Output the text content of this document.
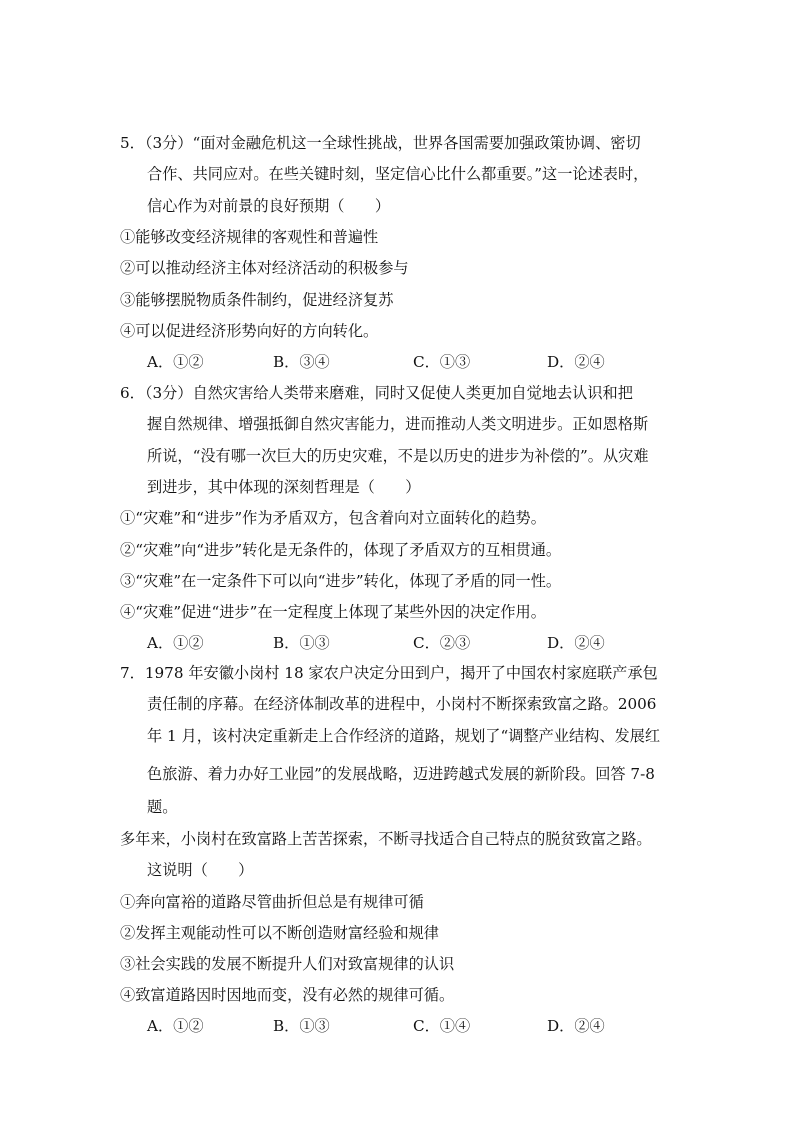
5．（3分）“面对金融危机这一全球性挑战，世界各国需要加强政策协调、密切
合作、共同应对。在些关键时刻，坚定信心比什么都重要。”这一论述表时，
信心作为对前景的良好预期（　　）
①能够改变经济规律的客观性和普遍性
②可以推动经济主体对经济活动的积极参与
③能够摆脱物质条件制约，促进经济复苏
④可以促进经济形势向好的方向转化。
A．①②	B．③④	C．①③	D．②④
6．（3分）自然灾害给人类带来磨难，同时又促使人类更加自觉地去认识和把
握自然规律、增强抵御自然灾害能力，进而推动人类文明进步。正如恩格斯
所说，“没有哪一次巨大的历史灾难，不是以历史的进步为补偿的”。从灾难
到进步，其中体现的深刻哲理是（　　）
①“灾难”和“进步”作为矛盾双方，包含着向对立面转化的趋势。
②“灾难”向“进步”转化是无条件的，体现了矛盾双方的互相贯通。
③“灾难”在一定条件下可以向“进步”转化，体现了矛盾的同一性。
④“灾难”促进“进步”在一定程度上体现了某些外因的决定作用。
A．①②	B．①③	C．②③	D．②④
7．1978 年安徽小岗村 18 家农户决定分田到户，揭开了中国农村家庭联产承包
责任制的序幕。在经济体制改革的进程中，小岗村不断探索致富之路。2006
年 1 月，该村决定重新走上合作经济的道路，规划了“调整产业结构、发展红
色旅游、着力办好工业园”的发展战略，迈进跨越式发展的新阶段。回答 7-8
题。
多年来，小岗村在致富路上苦苦探索，不断寻找适合自己特点的脱贫致富之路。
这说明（　　）
①奔向富裕的道路尽管曲折但总是有规律可循
②发挥主观能动性可以不断创造财富经验和规律
③社会实践的发展不断提升人们对致富规律的认识
④致富道路因时因地而变，没有必然的规律可循。
A．①②	B．①③	C．①④	D．②④
